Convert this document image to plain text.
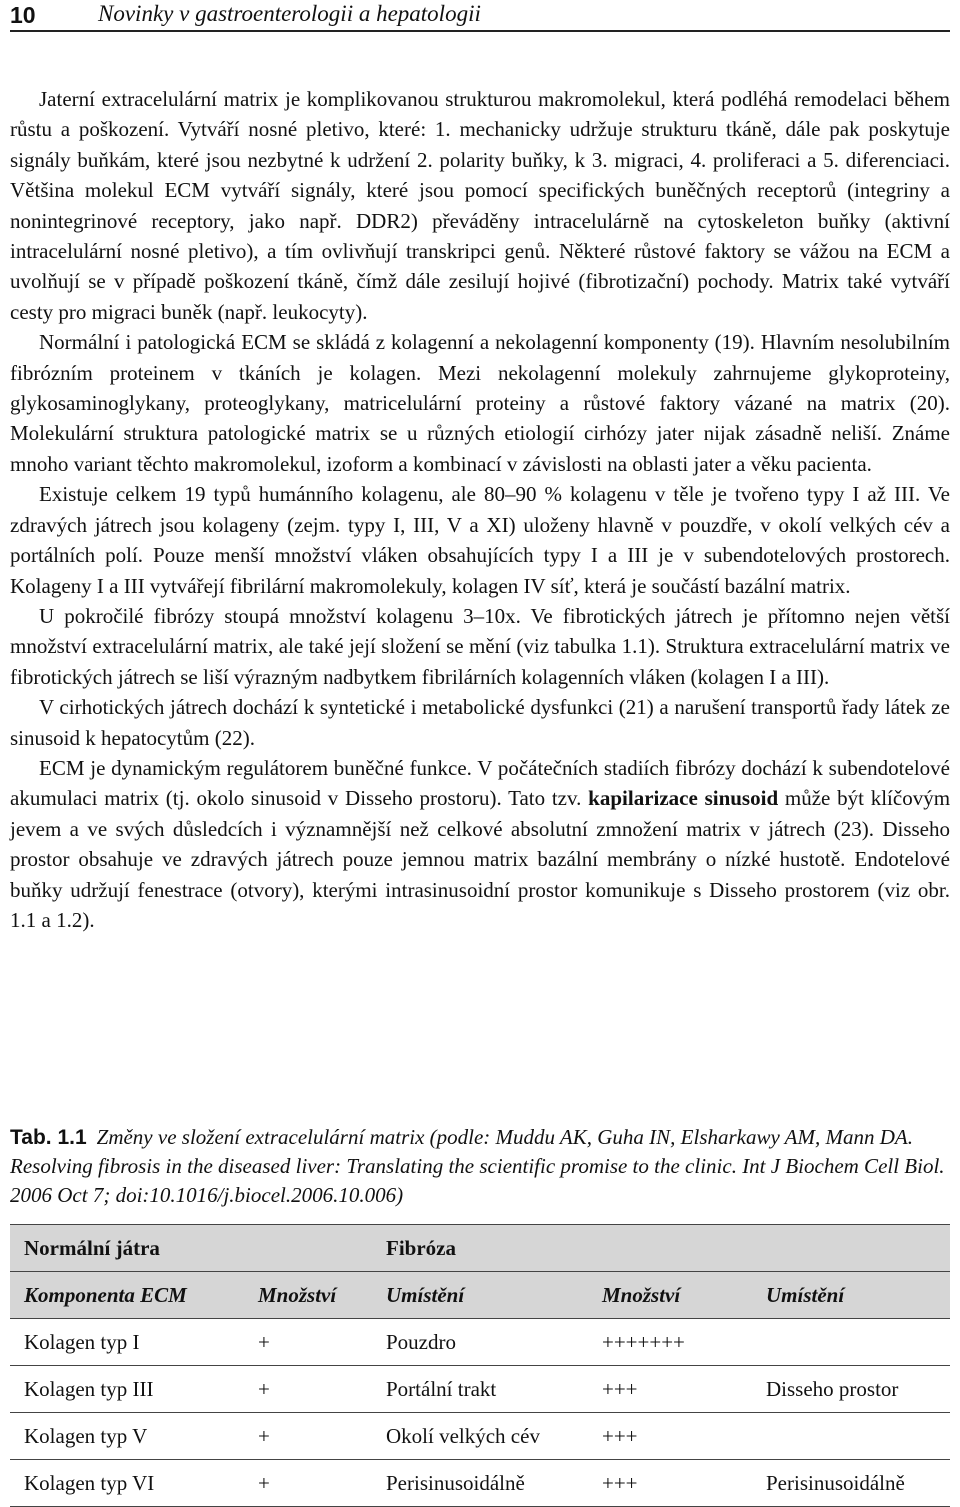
10	Novinky v gastroenterologii a hepatologii

Jaterní extracelulární matrix je komplikovanou strukturou makromolekul, která podléhá remodelaci během růstu a poškození. Vytváří nosné pletivo, které: 1. mechanicky udržuje strukturu tkáně, dále pak poskytuje signály buňkám, které jsou nezbytné k udržení 2. polarity buňky, k 3. migraci, 4. proliferaci a 5. diferenciaci. Většina molekul ECM vytváří signály, které jsou pomocí specifických buněčných receptorů (integriny a nonintegrinové receptory, jako např. DDR2) převáděny intracelulárně na cytoskeleton buňky (aktivní intracelulární nosné pletivo), a tím ovlivňují transkripci genů. Některé růstové faktory se vážou na ECM a uvolňují se v případě poškození tkáně, čímž dále zesilují hojivé (fibrotizační) pochody. Matrix také vytváří cesty pro migraci buněk (např. leukocyty).

Normální i patologická ECM se skládá z kolagenní a nekolagenní komponenty (19). Hlavním nesolubilním fibrózním proteinem v tkáních je kolagen. Mezi nekolagenní molekuly zahrnujeme glykoproteiny, glykosaminoglykany, proteoglykany, matricelulární proteiny a růstové faktory vázané na matrix (20). Molekulární struktura patologické matrix se u různých etiologií cirhózy jater nijak zásadně neliší. Známe mnoho variant těchto makromolekul, izoform a kombinací v závislosti na oblasti jater a věku pacienta.

Existuje celkem 19 typů humánního kolagenu, ale 80–90 % kolagenu v těle je tvořeno typy I až III. Ve zdravých játrech jsou kolageny (zejm. typy I, III, V a XI) uloženy hlavně v pouzdře, v okolí velkých cév a portálních polí. Pouze menší množství vláken obsahujících typy I a III je v subendotelových prostorech. Kolageny I a III vytvářejí fibrilární makromolekuly, kolagen IV síť, která je součástí bazální matrix.

U pokročilé fibrózy stoupá množství kolagenu 3–10x. Ve fibrotických játrech je přítomno nejen větší množství extracelulární matrix, ale také její složení se mění (viz tabulka 1.1). Struktura extracelulární matrix ve fibrotických játrech se liší výrazným nadbytkem fibrilárních kolagenních vláken (kolagen I a III).

V cirhotických játrech dochází k syntetické i metabolické dysfunkci (21) a narušení transportů řady látek ze sinusoid k hepatocytům (22).

ECM je dynamickým regulátorem buněčné funkce. V počátečních stadiích fibrózy dochází k subendotelové akumulaci matrix (tj. okolo sinusoid v Disseho prostoru). Tato tzv. kapilarizace sinusoid může být klíčovým jevem a ve svých důsledcích i významnější než celkové absolutní zmnožení matrix v játrech (23). Disseho prostor obsahuje ve zdravých játrech pouze jemnou matrix bazální membrány o nízké hustotě. Endotelové buňky udržují fenestrace (otvory), kterými intrasinusoidní prostor komunikuje s Disseho prostorem (viz obr. 1.1 a 1.2).

Tab. 1.1 Změny ve složení extracelulární matrix (podle: Muddu AK, Guha IN, Elsharkawy AM, Mann DA. Resolving fibrosis in the diseased liver: Translating the scientific promise to the clinic. Int J Biochem Cell Biol. 2006 Oct 7; doi:10.1016/j.biocel.2006.10.006)
Normální játra		Fibróza		
Komponenta ECM	Množství	Umístění	Množství	Umístění
Kolagen typ I	+	Pouzdro	+++++++	
Kolagen typ III	+	Portální trakt	+++	Disseho prostor
Kolagen typ V	+	Okolí velkých cév	+++	
Kolagen typ VI	+	Perisinusoidálně	+++	Perisinusoidálně
